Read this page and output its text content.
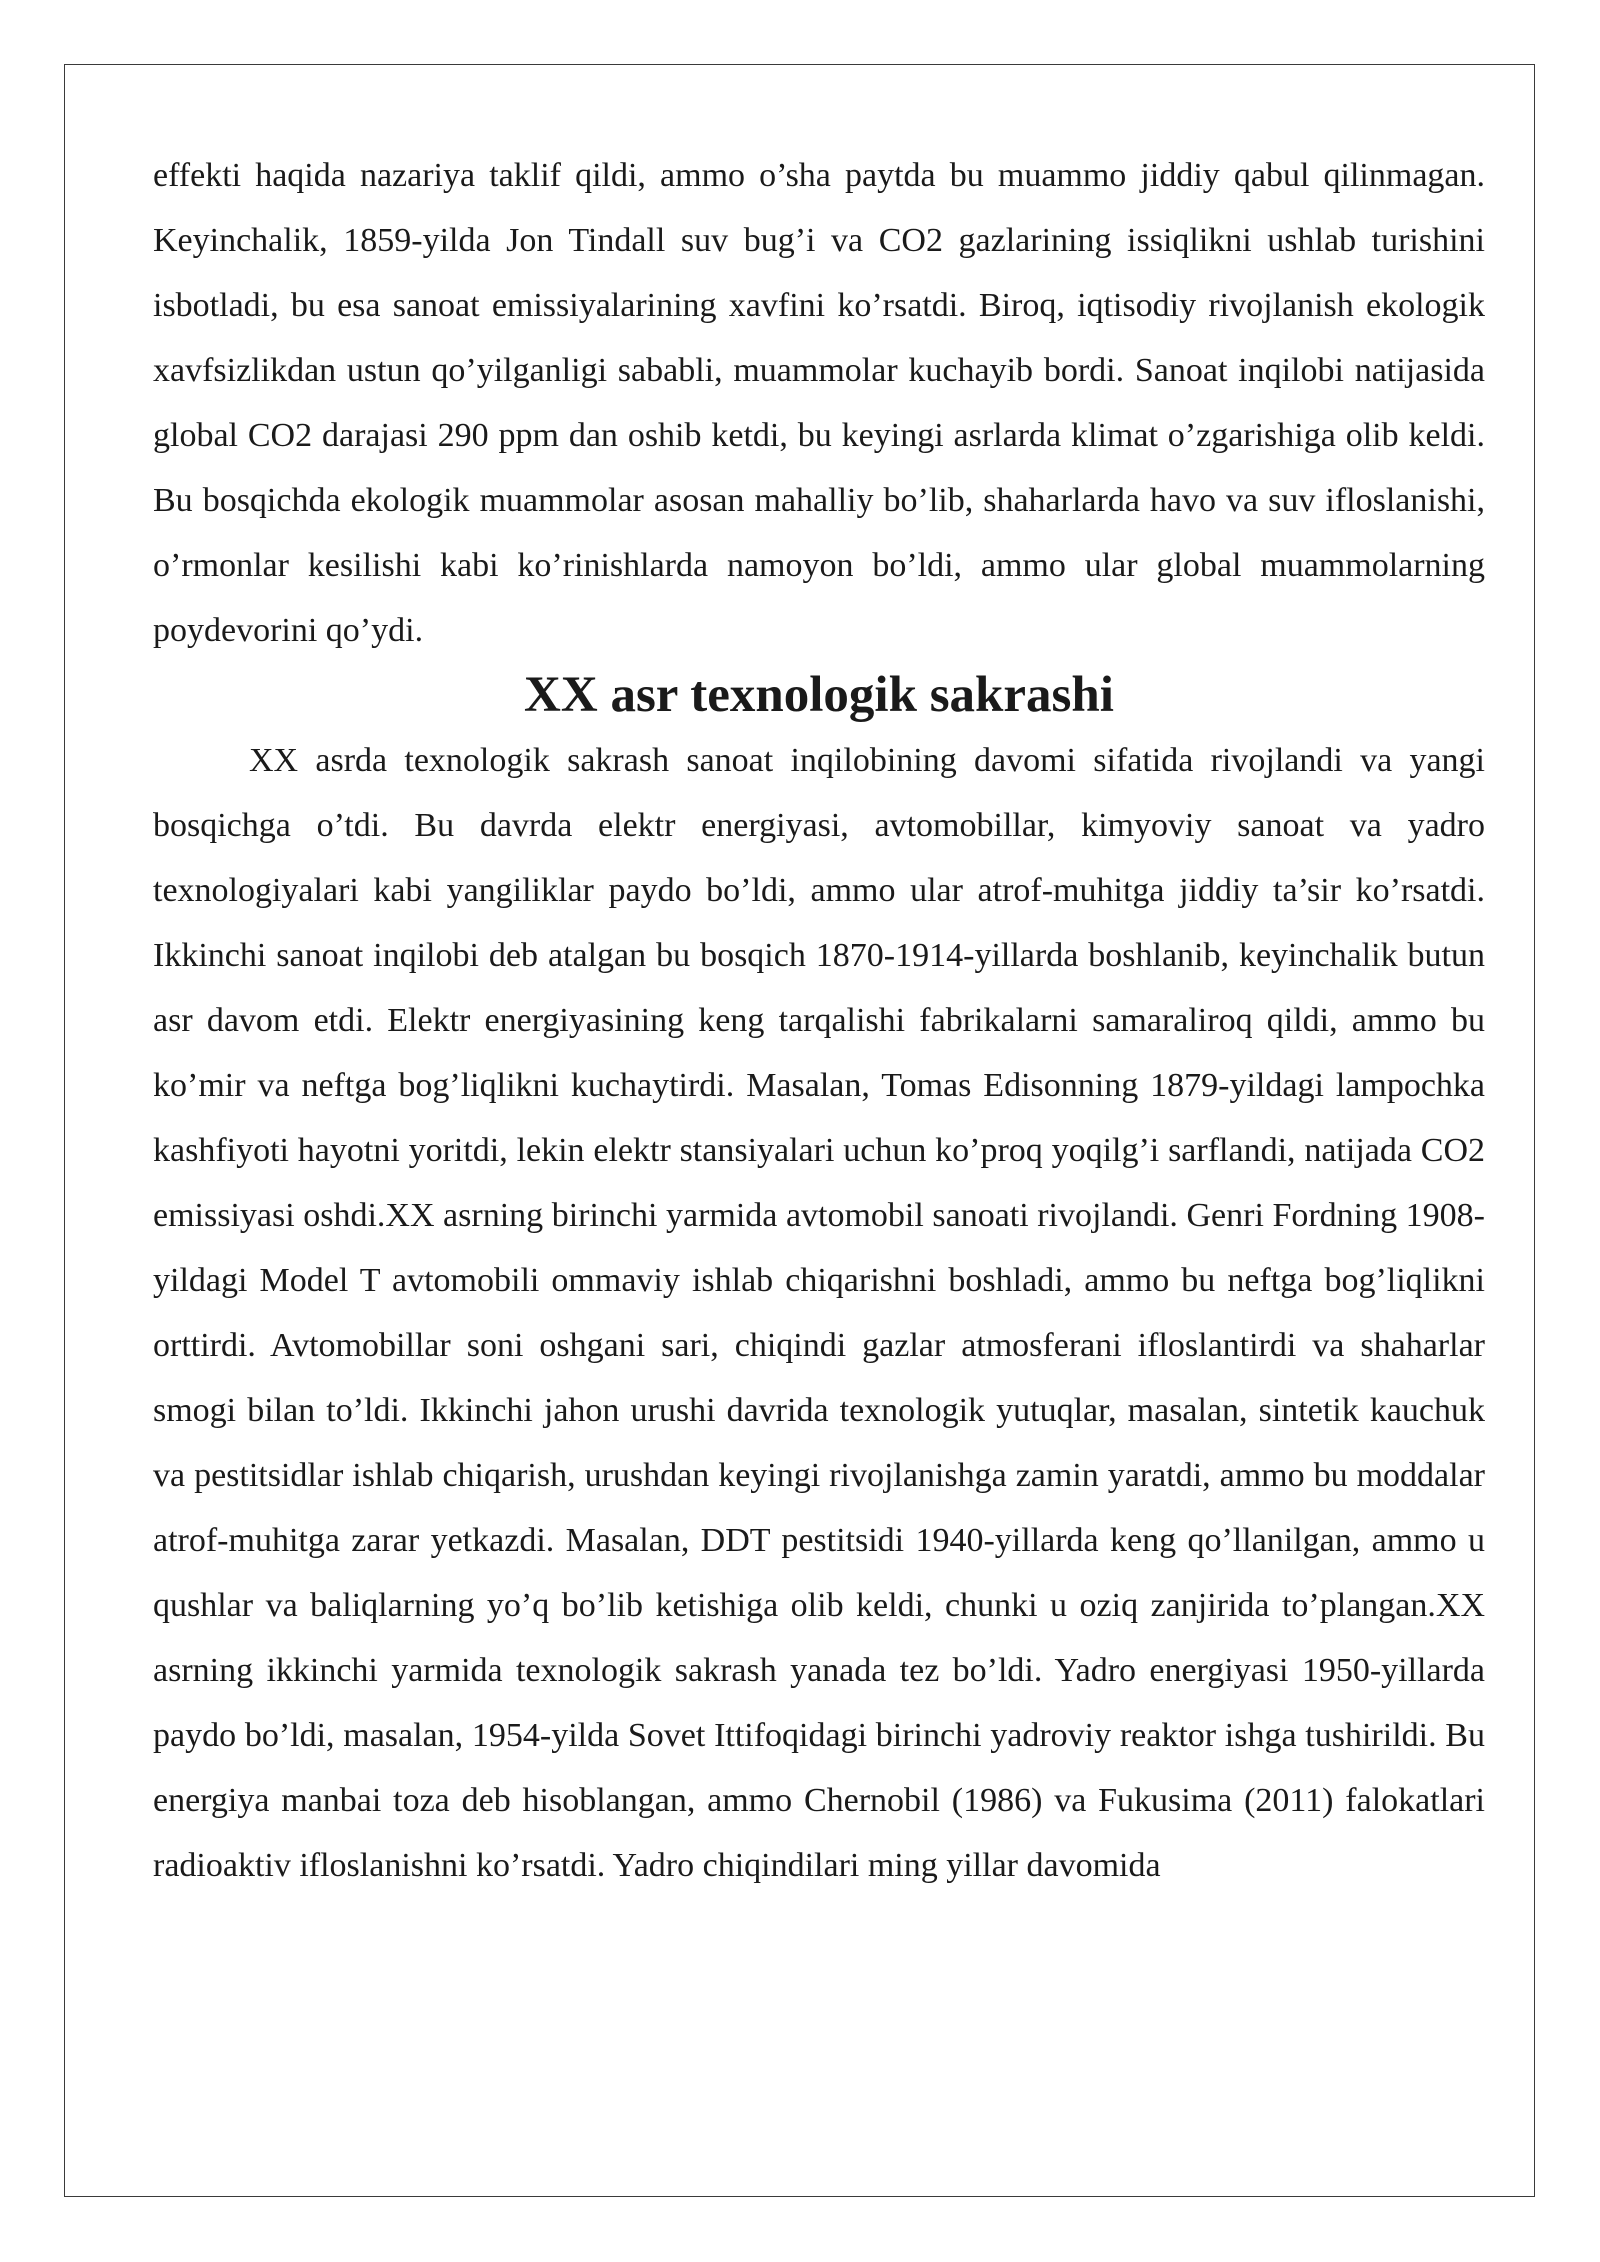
effekti haqida nazariya taklif qildi, ammo o’sha paytda bu muammo jiddiy qabul qilinmagan. Keyinchalik, 1859-yilda Jon Tindall suv bug’i va CO2 gazlarining issiqlikni ushlab turishini isbotladi, bu esa sanoat emissiyalarining xavfini ko’rsatdi. Biroq, iqtisodiy rivojlanish ekologik xavfsizlikdan ustun qo’yilganligi sababli, muammolar kuchayib bordi. Sanoat inqilobi natijasida global CO2 darajasi 290 ppm dan oshib ketdi, bu keyingi asrlarda klimat o’zgarishiga olib keldi. Bu bosqichda ekologik muammolar asosan mahalliy bo’lib, shaharlarda havo va suv ifloslanishi, o’rmonlar kesilishi kabi ko’rinishlarda namoyon bo’ldi, ammo ular global muammolarning poydevorini qo’ydi.

XX asr texnologik sakrashi

XX asrda texnologik sakrash sanoat inqilobining davomi sifatida rivojlandi va yangi bosqichga o’tdi. Bu davrda elektr energiyasi, avtomobillar, kimyoviy sanoat va yadro texnologiyalari kabi yangiliklar paydo bo’ldi, ammo ular atrof-muhitga jiddiy ta’sir ko’rsatdi. Ikkinchi sanoat inqilobi deb atalgan bu bosqich 1870-1914-yillarda boshlanib, keyinchalik butun asr davom etdi. Elektr energiyasining keng tarqalishi fabrikalarni samaraliroq qildi, ammo bu ko’mir va neftga bog’liqlikni kuchaytirdi. Masalan, Tomas Edisonning 1879-yildagi lampochka kashfiyoti hayotni yoritdi, lekin elektr stansiyalari uchun ko’proq yoqilg’i sarflandi, natijada CO2 emissiyasi oshdi.XX asrning birinchi yarmida avtomobil sanoati rivojlandi. Genri Fordning 1908-yildagi Model T avtomobili ommaviy ishlab chiqarishni boshladi, ammo bu neftga bog’liqlikni orttirdi. Avtomobillar soni oshgani sari, chiqindi gazlar atmosferani ifloslantirdi va shaharlar smogi bilan to’ldi. Ikkinchi jahon urushi davrida texnologik yutuqlar, masalan, sintetik kauchuk va pestitsidlar ishlab chiqarish, urushdan keyingi rivojlanishga zamin yaratdi, ammo bu moddalar atrof-muhitga zarar yetkazdi. Masalan, DDT pestitsidi 1940-yillarda keng qo’llanilgan, ammo u qushlar va baliqlarning yo’q bo’lib ketishiga olib keldi, chunki u oziq zanjirida to’plangan.XX asrning ikkinchi yarmida texnologik sakrash yanada tez bo’ldi. Yadro energiyasi 1950-yillarda paydo bo’ldi, masalan, 1954-yilda Sovet Ittifoqidagi birinchi yadroviy reaktor ishga tushirildi. Bu energiya manbai toza deb hisoblangan, ammo Chernobil (1986) va Fukusima (2011) falokatlari radioaktiv ifloslanishni ko’rsatdi. Yadro chiqindilari ming yillar davomida
